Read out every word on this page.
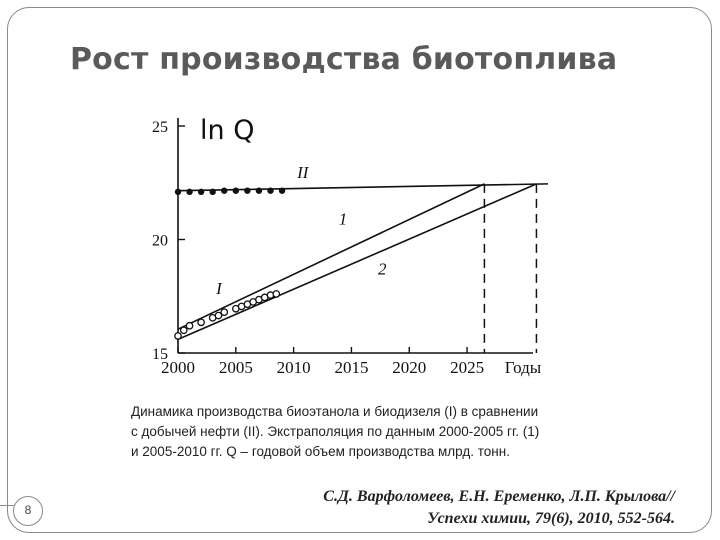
Рост производства биотоплива
15
20
25
2000 2005 2010 2015 2020 2025 Годы
ln Q
II
1
2
I
Динамика производства биоэтанола и биодизеля (I) в сравнении
с добычей нефти (II). Экстраполяция по данным 2000-2005 гг. (1)
и 2005-2010 гг. Q – годовой объем производства млрд. тонн.
С.Д. Варфоломеев, Е.Н. Еременко, Л.П. Крылова//
Успехи химии, 79(6), 2010, 552-564.
8
